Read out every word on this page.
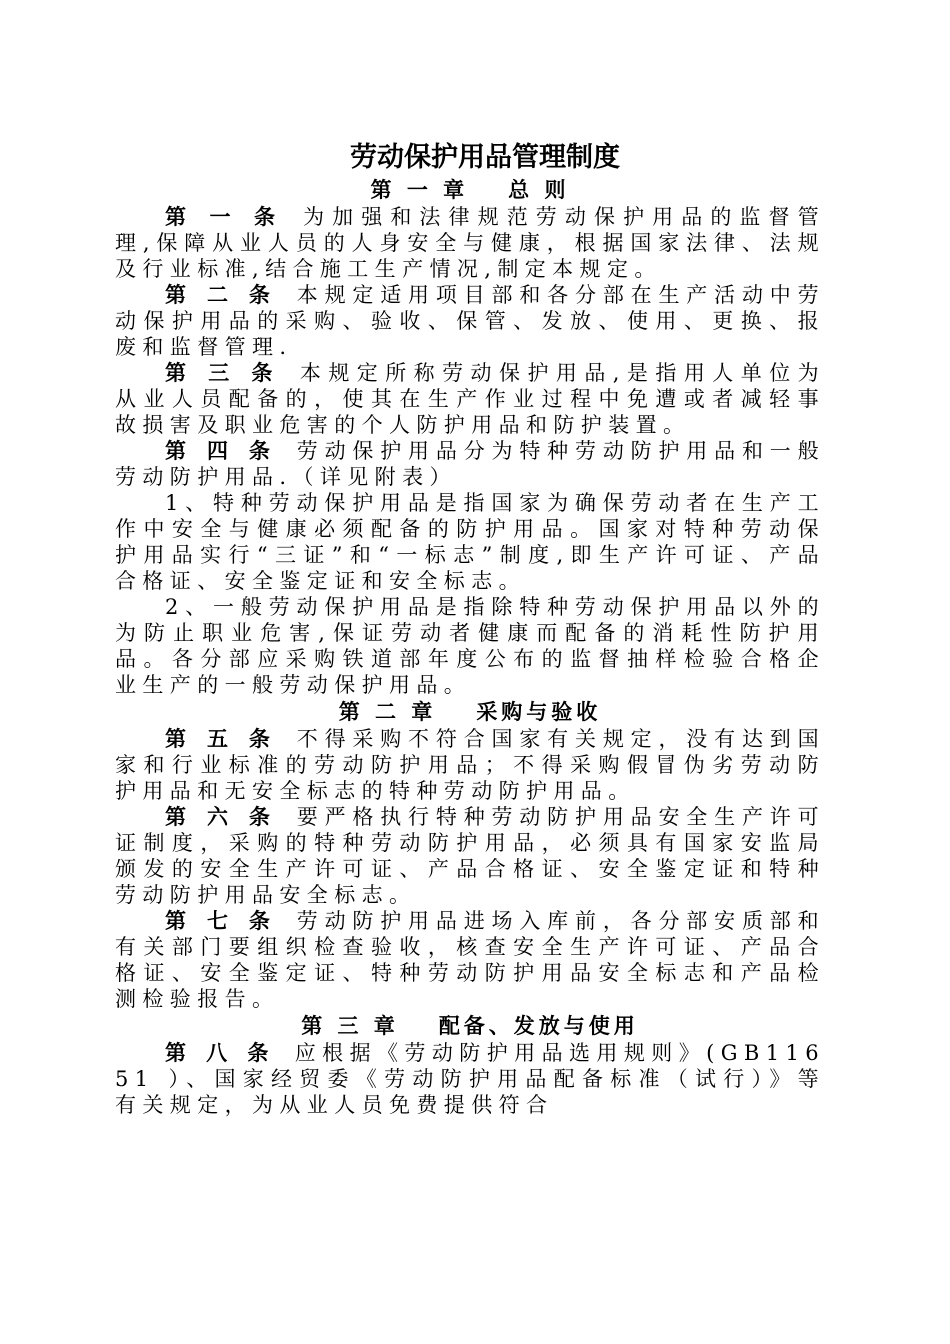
劳动保护用品管理制度
第 一 章 总 则

第 一 条 为加强和法律规范劳动保护用品的监督管理,保障从业人员的人身安全与健康，根据国家法律、法规及行业标准,结合施工生产情况,制定本规定。

第 二 条 本规定适用项目部和各分部在生产活动中劳动保护用品的采购、验收、保管、发放、使用、更换、报废和监督管理.

第 三 条 本规定所称劳动保护用品,是指用人单位为从业人员配备的，使其在生产作业过程中免遭或者减轻事故损害及职业危害的个人防护用品和防护装置。

第 四 条 劳动保护用品分为特种劳动防护用品和一般劳动防护用品.（详见附表）

1、特种劳动保护用品是指国家为确保劳动者在生产工作中安全与健康必须配备的防护用品。国家对特种劳动保护用品实行“三证”和“一标志”制度,即生产许可证、产品合格证、安全鉴定证和安全标志。

2、一般劳动保护用品是指除特种劳动保护用品以外的为防止职业危害,保证劳动者健康而配备的消耗性防护用品。各分部应采购铁道部年度公布的监督抽样检验合格企业生产的一般劳动保护用品。

第 二 章 采购与验收

第 五 条 不得采购不符合国家有关规定，没有达到国家和行业标准的劳动防护用品；不得采购假冒伪劣劳动防护用品和无安全标志的特种劳动防护用品。

第 六 条 要严格执行特种劳动防护用品安全生产许可证制度，采购的特种劳动防护用品，必须具有国家安监局颁发的安全生产许可证、产品合格证、安全鉴定证和特种劳动防护用品安全标志。

第 七 条 劳动防护用品进场入库前，各分部安质部和有关部门要组织检查验收，核查安全生产许可证、产品合格证、安全鉴定证、特种劳动防护用品安全标志和产品检测检验报告。

第 三 章 配备、发放与使用

第 八 条 应根据《劳动防护用品选用规则》(GB11651 ）、国家经贸委《劳动防护用品配备标准（试行）》等有关规定，为从业人员免费提供符合
